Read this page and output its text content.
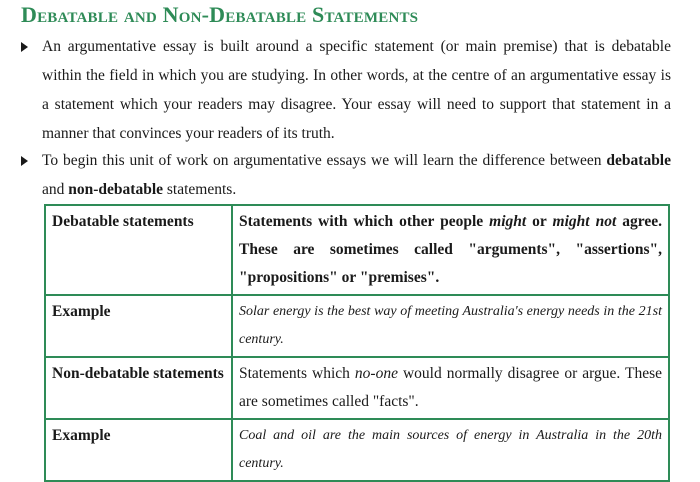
Debatable and Non-Debatable Statements
An argumentative essay is built around a specific statement (or main premise) that is debatable within the field in which you are studying. In other words, at the centre of an argumentative essay is a statement which your readers may disagree. Your essay will need to support that statement in a manner that convinces your readers of its truth.
To begin this unit of work on argumentative essays we will learn the difference between debatable and non-debatable statements.
Debatable statements	Statements with which other people might or might not agree. These are sometimes called "arguments", "assertions", "propositions" or "premises".
Example	Solar energy is the best way of meeting Australia's energy needs in the 21st century.
Non-debatable statements	Statements which no-one would normally disagree or argue. These are sometimes called "facts".
Example	Coal and oil are the main sources of energy in Australia in the 20th century.
